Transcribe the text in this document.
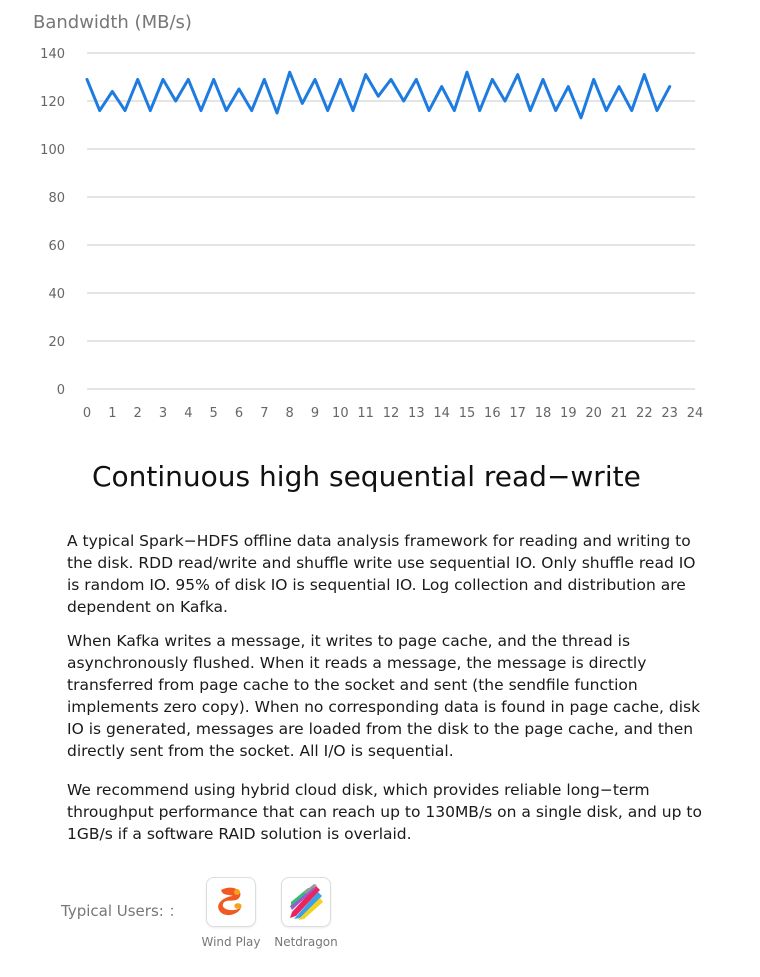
Bandwidth (MB/s)
0
20
40
60
80
100
120
140
0 1 2 3 4 5 6 7 8 9 10 11 12 13 14 15 16 17 18 19 20 21 22 23 24
Continuous high sequential read−write

A typical Spark−HDFS offline data analysis framework for reading and writing to the disk. RDD read/write and shuffle write use sequential IO. Only shuffle read IO is random IO. 95% of disk IO is sequential IO. Log collection and distribution are dependent on Kafka.

When Kafka writes a message, it writes to page cache, and the thread is asynchronously flushed. When it reads a message, the message is directly transferred from page cache to the socket and sent (the sendfile function implements zero copy). When no corresponding data is found in page cache, disk IO is generated, messages are loaded from the disk to the page cache, and then directly sent from the socket. All I/O is sequential.

We recommend using hybrid cloud disk, which provides reliable long−term throughput performance that can reach up to 130MB/s on a single disk, and up to 1GB/s if a software RAID solution is overlaid.

Typical Users: ：
Wind Play	Netdragon
